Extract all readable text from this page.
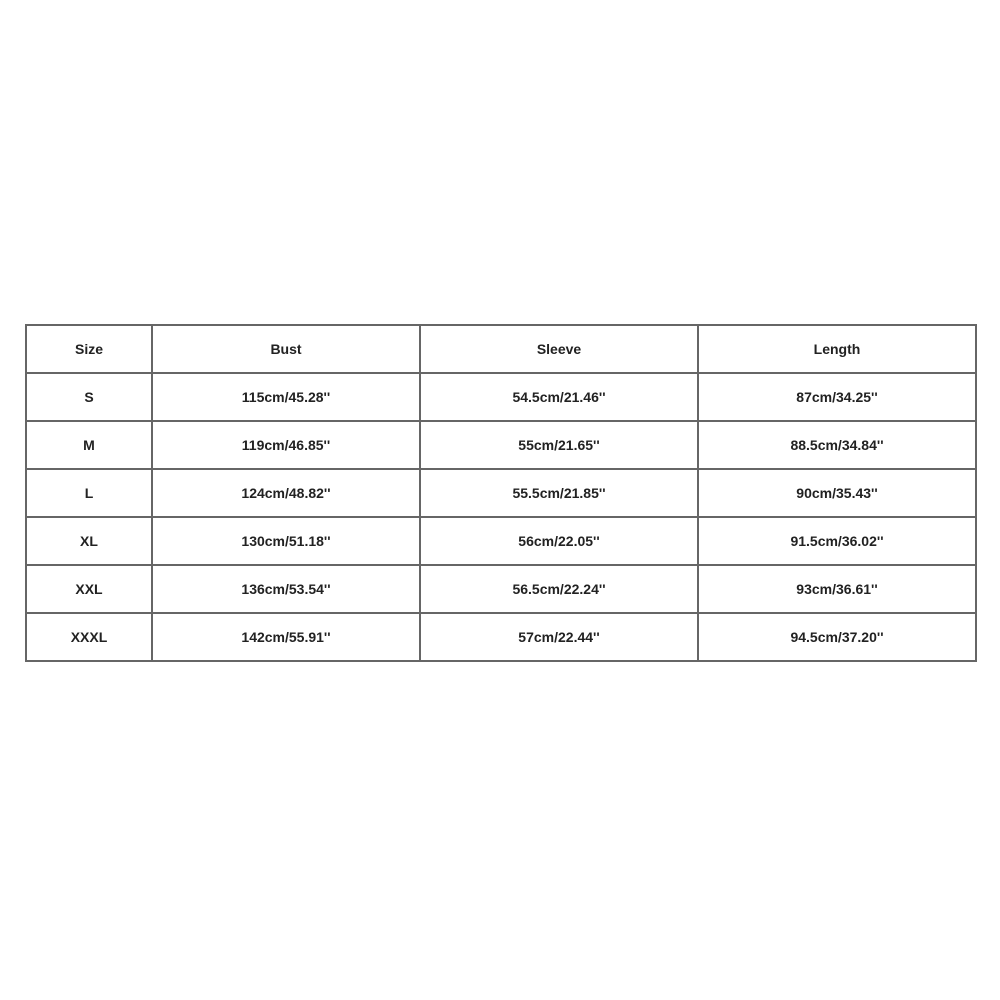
Size	Bust	Sleeve	Length
S	115cm/45.28''	54.5cm/21.46''	87cm/34.25''
M	119cm/46.85''	55cm/21.65''	88.5cm/34.84''
L	124cm/48.82''	55.5cm/21.85''	90cm/35.43''
XL	130cm/51.18''	56cm/22.05''	91.5cm/36.02''
XXL	136cm/53.54''	56.5cm/22.24''	93cm/36.61''
XXXL	142cm/55.91''	57cm/22.44''	94.5cm/37.20''
